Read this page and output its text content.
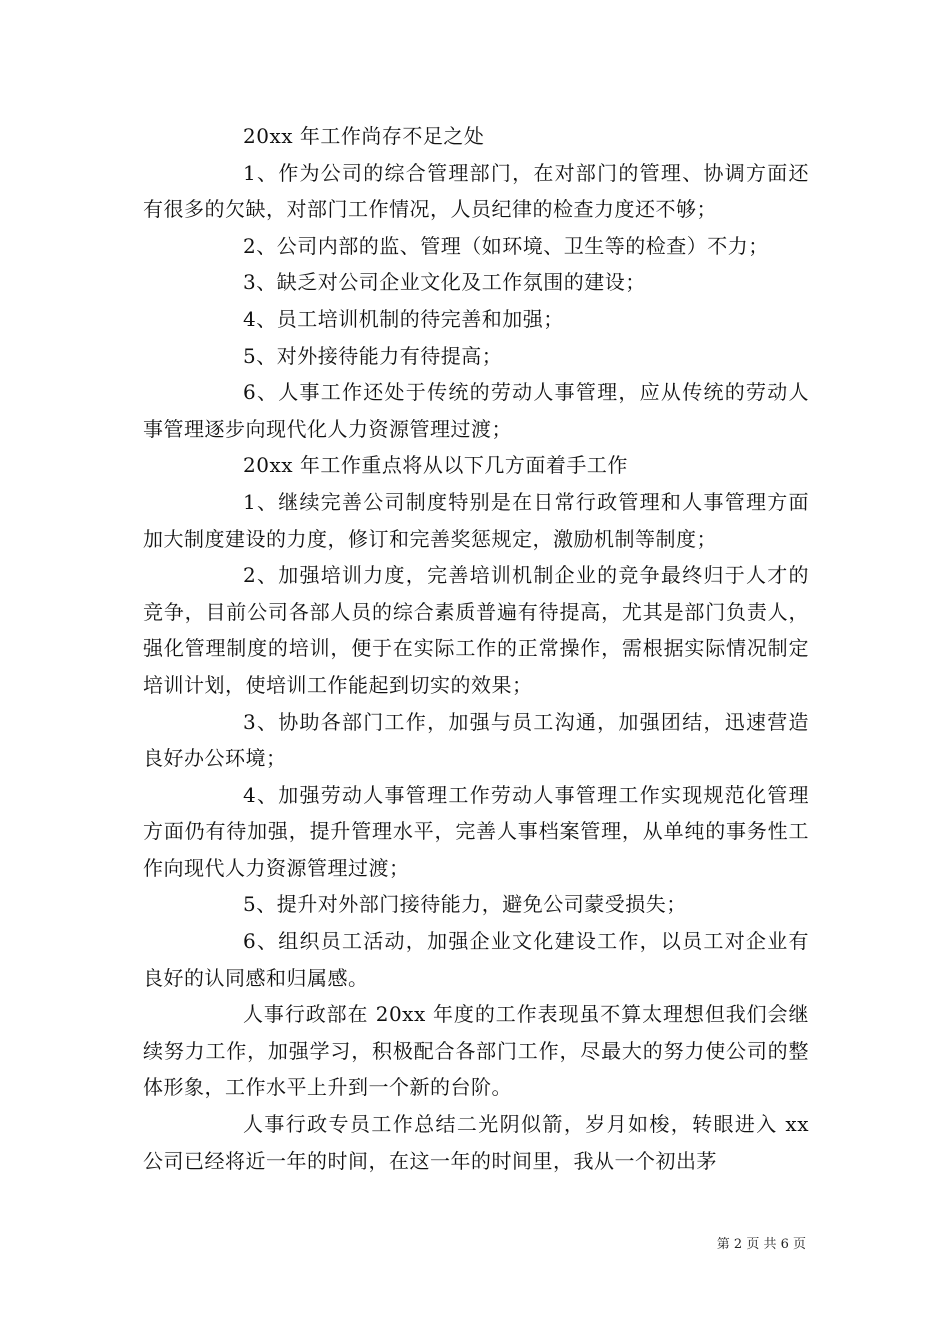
20xx 年工作尚存不足之处

1、作为公司的综合管理部门，在对部门的管理、协调方面还有很多的欠缺，对部门工作情况，人员纪律的检查力度还不够；

2、公司内部的监、管理（如环境、卫生等的检查）不力；

3、缺乏对公司企业文化及工作氛围的建设；

4、员工培训机制的待完善和加强；

5、对外接待能力有待提高；

6、人事工作还处于传统的劳动人事管理，应从传统的劳动人事管理逐步向现代化人力资源管理过渡；

20xx 年工作重点将从以下几方面着手工作

1、继续完善公司制度特别是在日常行政管理和人事管理方面加大制度建设的力度，修订和完善奖惩规定，激励机制等制度；

2、加强培训力度，完善培训机制企业的竞争最终归于人才的竞争，目前公司各部人员的综合素质普遍有待提高，尤其是部门负责人，强化管理制度的培训，便于在实际工作的正常操作，需根据实际情况制定培训计划，使培训工作能起到切实的效果；

3、协助各部门工作，加强与员工沟通，加强团结，迅速营造良好办公环境；

4、加强劳动人事管理工作劳动人事管理工作实现规范化管理方面仍有待加强，提升管理水平，完善人事档案管理，从单纯的事务性工作向现代人力资源管理过渡；

5、提升对外部门接待能力，避免公司蒙受损失；

6、组织员工活动，加强企业文化建设工作，以员工对企业有良好的认同感和归属感。

人事行政部在 20xx 年度的工作表现虽不算太理想但我们会继续努力工作，加强学习，积极配合各部门工作，尽最大的努力使公司的整体形象，工作水平上升到一个新的台阶。

人事行政专员工作总结二光阴似箭，岁月如梭，转眼进入 xx 公司已经将近一年的时间，在这一年的时间里，我从一个初出茅

第 2 页 共 6 页
